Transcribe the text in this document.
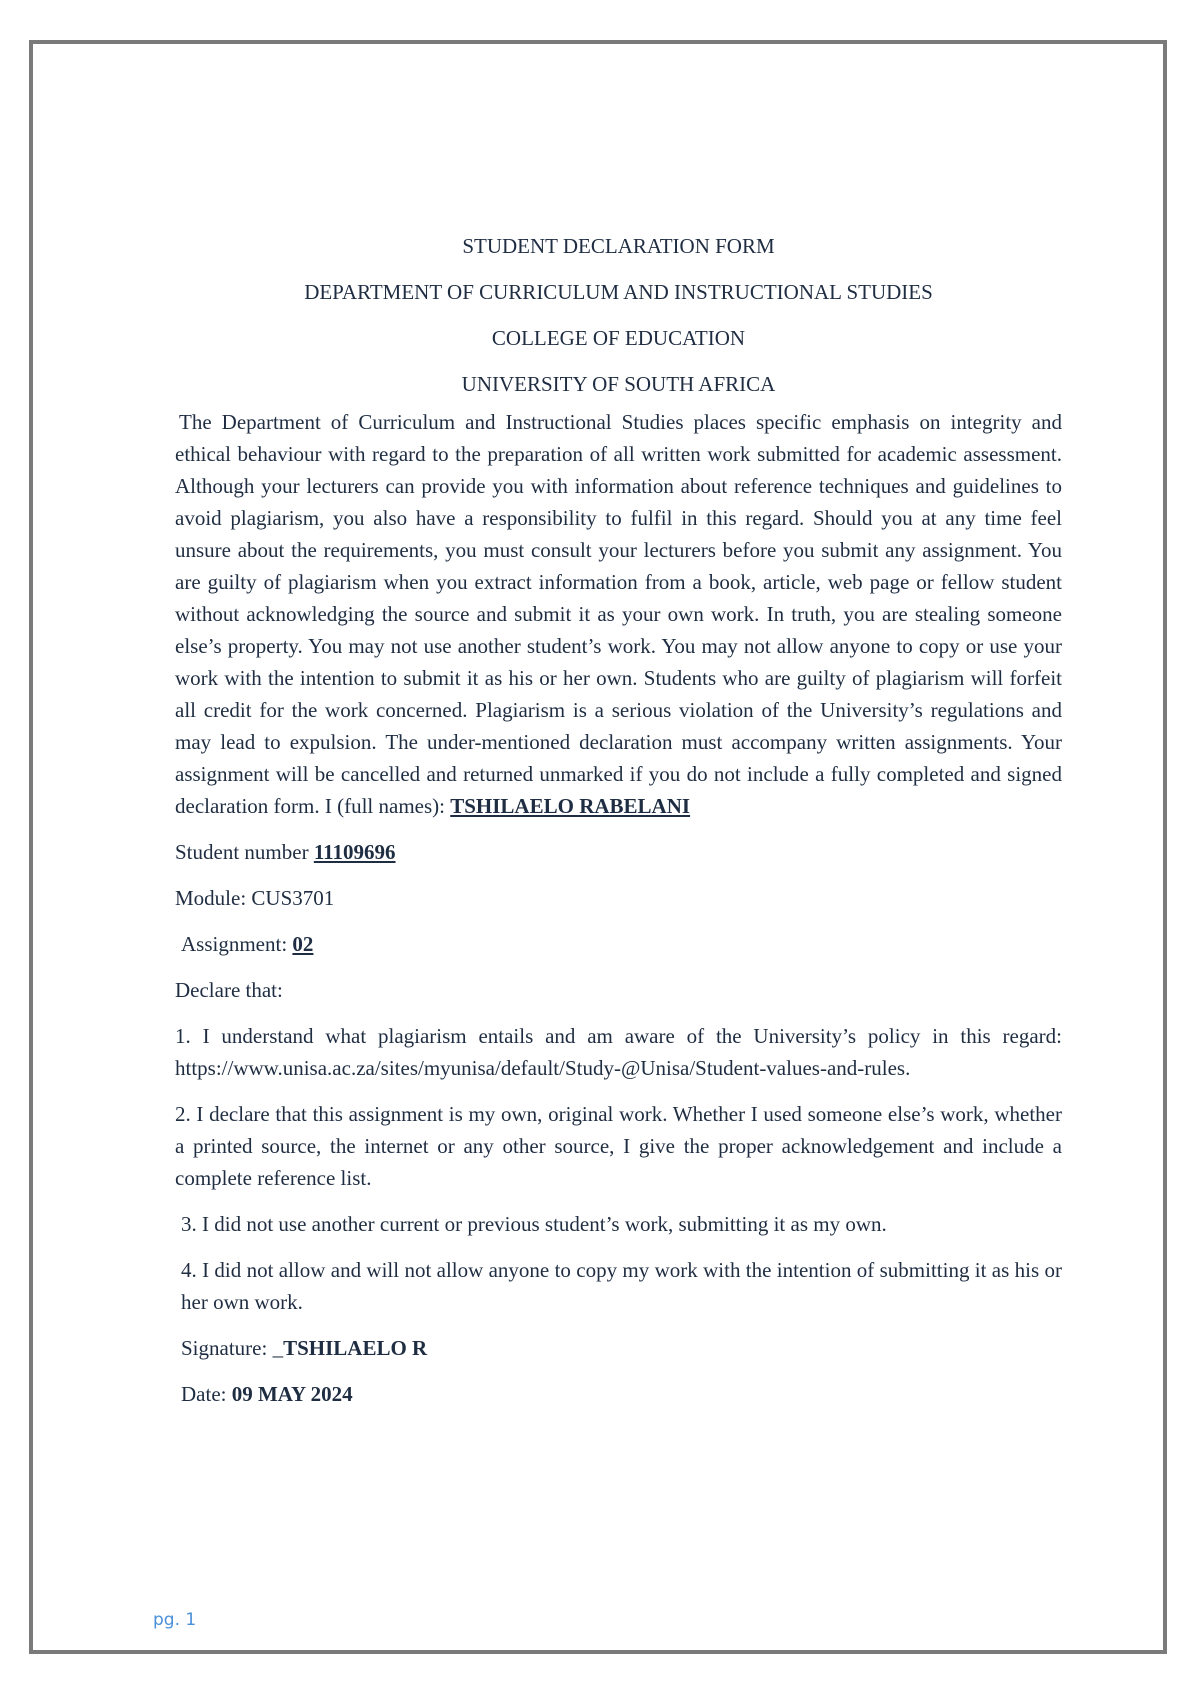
STUDENT DECLARATION FORM

DEPARTMENT OF CURRICULUM AND INSTRUCTIONAL STUDIES

COLLEGE OF EDUCATION

UNIVERSITY OF SOUTH AFRICA

The Department of Curriculum and Instructional Studies places specific emphasis on integrity and ethical behaviour with regard to the preparation of all written work submitted for academic assessment. Although your lecturers can provide you with information about reference techniques and guidelines to avoid plagiarism, you also have a responsibility to fulfil in this regard. Should you at any time feel unsure about the requirements, you must consult your lecturers before you submit any assignment. You are guilty of plagiarism when you extract information from a book, article, web page or fellow student without acknowledging the source and submit it as your own work. In truth, you are stealing someone else’s property. You may not use another student’s work. You may not allow anyone to copy or use your work with the intention to submit it as his or her own. Students who are guilty of plagiarism will forfeit all credit for the work concerned. Plagiarism is a serious violation of the University’s regulations and may lead to expulsion. The under-mentioned declaration must accompany written assignments. Your assignment will be cancelled and returned unmarked if you do not include a fully completed and signed declaration form. I (full names): TSHILAELO RABELANI

Student number 11109696

Module: CUS3701

Assignment: 02

Declare that:

1. I understand what plagiarism entails and am aware of the University’s policy in this regard: https://www.unisa.ac.za/sites/myunisa/default/Study-@Unisa/Student-values-and-rules.

2. I declare that this assignment is my own, original work. Whether I used someone else’s work, whether a printed source, the internet or any other source, I give the proper acknowledgement and include a complete reference list.

3. I did not use another current or previous student’s work, submitting it as my own.

4. I did not allow and will not allow anyone to copy my work with the intention of submitting it as his or her own work.

Signature: _TSHILAELO R

Date: 09 MAY 2024

pg. 1
